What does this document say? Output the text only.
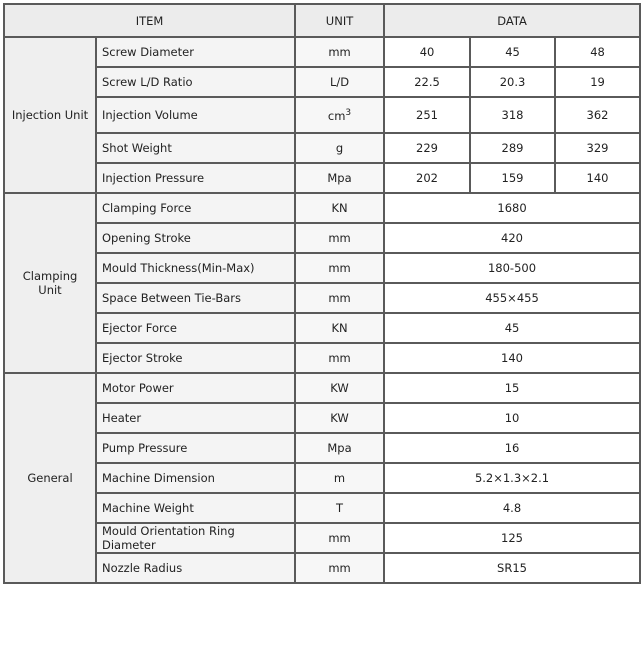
ITEM		UNIT	DATA		
Injection Unit	Screw Diameter	mm	40	45	48
	Screw L/D Ratio	L/D	22.5	20.3	19
	Injection Volume	$cm^3$	251	318	362
	Shot Weight	g	229	289	329
	Injection Pressure	Mpa	202	159	140
Clamping Unit	Clamping Force	KN	1680		
	Opening Stroke	mm	420		
	Mould Thickness(Min-Max)	mm	180-500		
	Space Between Tie-Bars	mm	455×455		
	Ejector Force	KN	45		
	Ejector Stroke	mm	140		
General	Motor Power	KW	15		
	Heater	KW	10		
	Pump Pressure	Mpa	16		
	Machine Dimension	m	5.2×1.3×2.1		
	Machine Weight	T	4.8		
	Mould Orientation Ring Diameter	mm	125		
	Nozzle Radius	mm	SR15		
